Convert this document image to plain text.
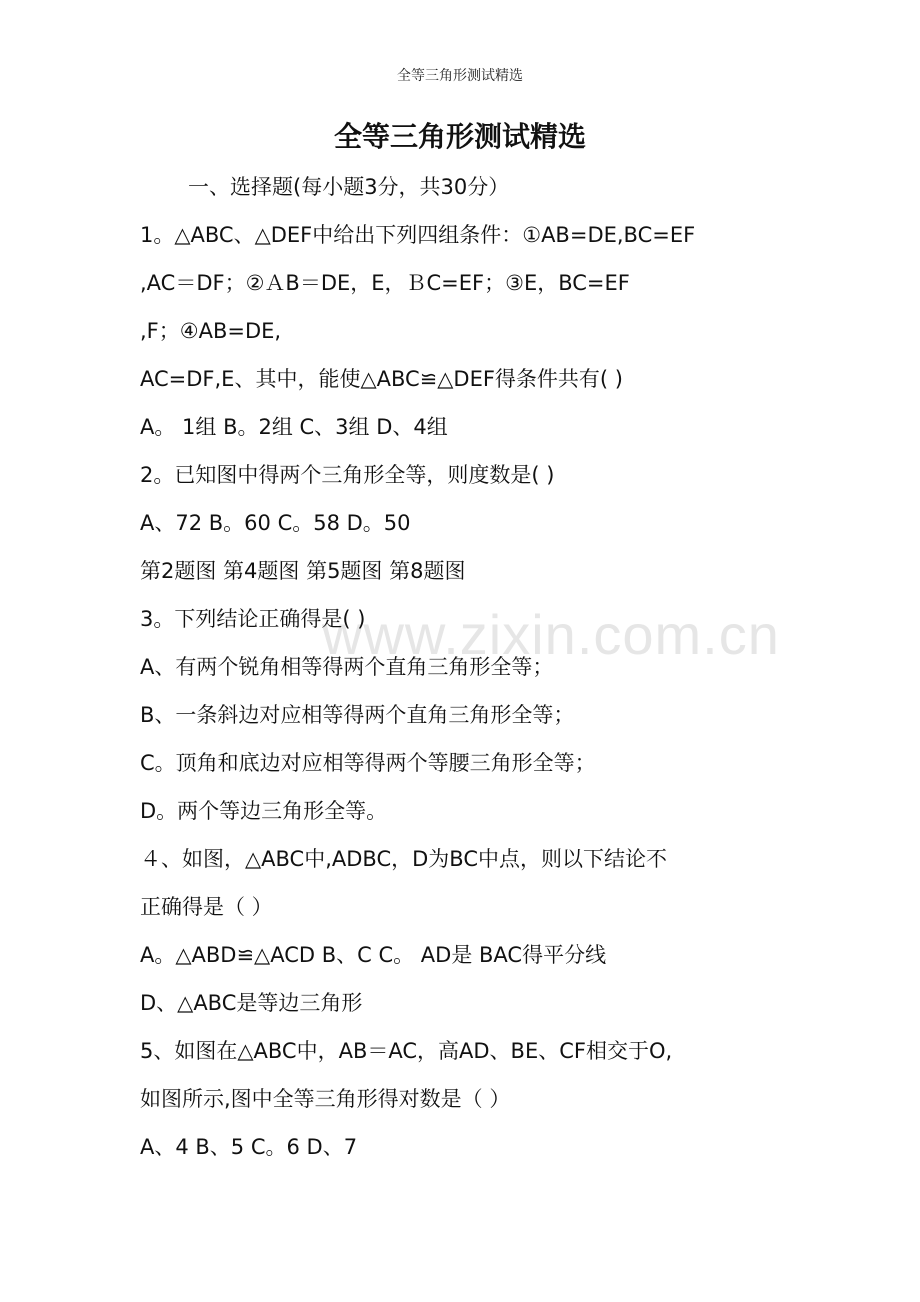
全等三角形测试精选
全等三角形测试精选
www.zixin.com.cn
一、选择题(每小题3分，共30分）
1。△ABC、△DEF中给出下列四组条件：①AB=DE,BC=EF
,AC＝DF；②ＡB＝DE，E，ＢC=EF；③E，BC=EF
,F；④AB=DE,
AC=DF,E、其中，能使△ABC≌△DEF得条件共有( )
A。 1组 B。2组 C、3组 D、4组
2。已知图中得两个三角形全等，则度数是( )
A、72 B。60 C。58 D。50
第2题图 第4题图 第5题图 第8题图
3。下列结论正确得是( )
A、有两个锐角相等得两个直角三角形全等；
B、一条斜边对应相等得两个直角三角形全等；
C。顶角和底边对应相等得两个等腰三角形全等；
D。两个等边三角形全等。
４、如图，△ABC中,ADBC，D为BC中点，则以下结论不
正确得是（ ）
A。△ABD≌△ACD B、C C。 AD是 BAC得平分线
D、△ABC是等边三角形
5、如图在△ABC中，AB＝AC，高AD、BE、CF相交于O,
如图所示,图中全等三角形得对数是（ ）
A、4 B、5 C。6 D、7
